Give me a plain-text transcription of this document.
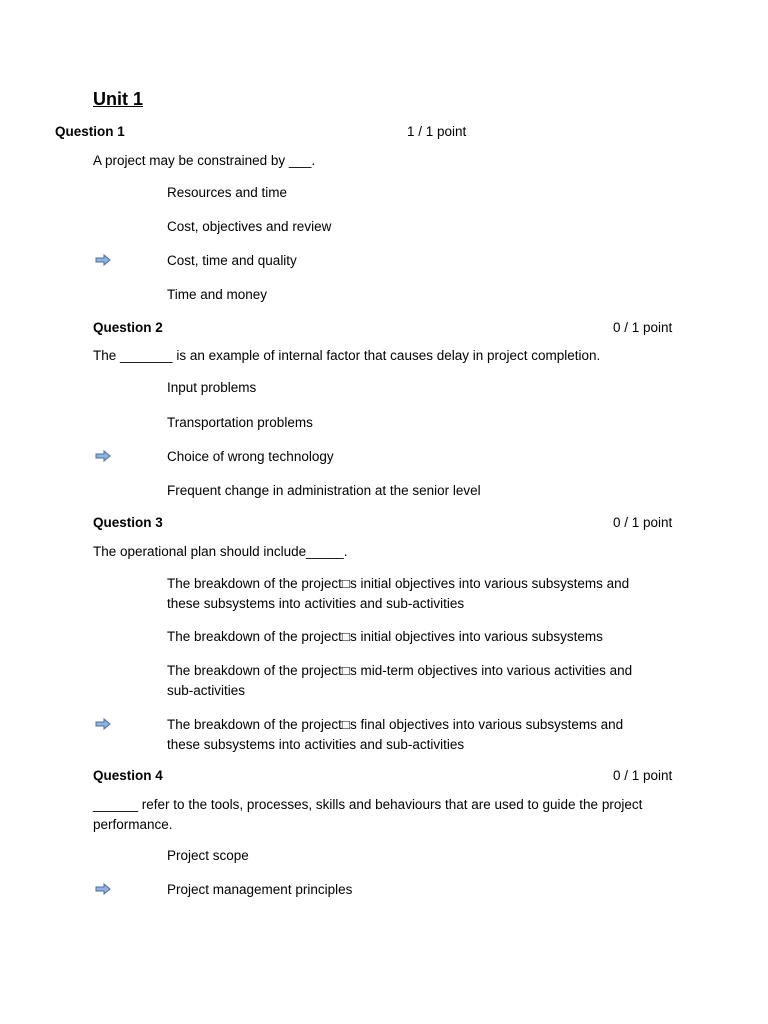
Unit 1
Question 1	1 / 1 point
A project may be constrained by ___.
Resources and time
Cost, objectives and review
Cost, time and quality
Time and money
Question 2	0 / 1 point
The _______ is an example of internal factor that causes delay in project completion.
Input problems
Transportation problems
Choice of wrong technology
Frequent change in administration at the senior level
Question 3	0 / 1 point
The operational plan should include_____.
The breakdown of the project□s initial objectives into various subsystems and these subsystems into activities and sub-activities
The breakdown of the project□s initial objectives into various subsystems
The breakdown of the project□s mid-term objectives into various activities and sub-activities
The breakdown of the project□s final objectives into various subsystems and these subsystems into activities and sub-activities
Question 4	0 / 1 point
______ refer to the tools, processes, skills and behaviours that are used to guide the project performance.
Project scope
Project management principles
